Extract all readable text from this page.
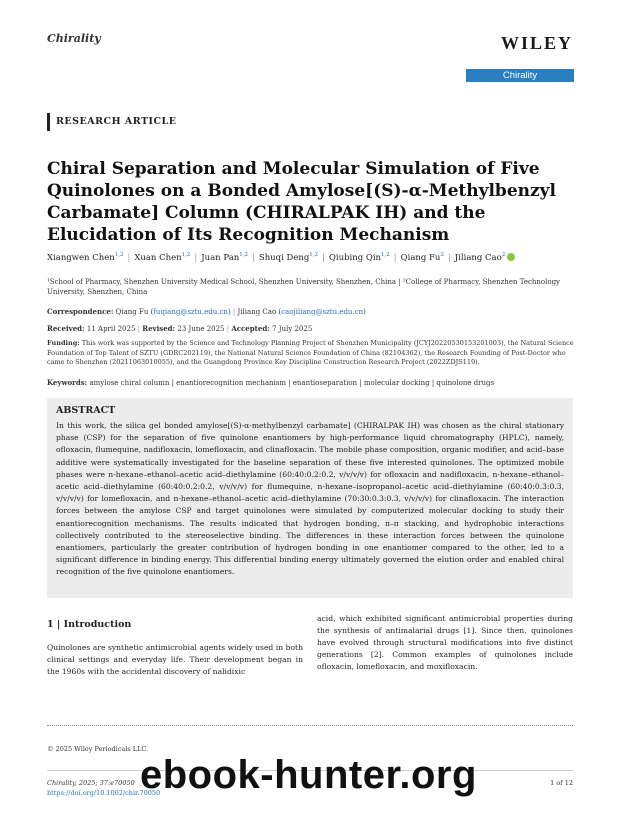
Chirality	WILEY
Chirality
RESEARCH ARTICLE
Chiral Separation and Molecular Simulation of Five Quinolones on a Bonded Amylose[(S)-α-Methylbenzyl Carbamate] Column (CHIRALPAK IH) and the Elucidation of Its Recognition Mechanism
Xiangwen Chen$^{1,2}$ | Xuan Chen$^{1,2}$ | Juan Pan$^{1,2}$ | Shuqi Deng$^{1,2}$ | Qiubing Qin$^{1,2}$ | Qiang Fu$^2$ | Jiliang Cao$^2$
¹School of Pharmacy, Shenzhen University Medical School, Shenzhen University, Shenzhen, China | ²College of Pharmacy, Shenzhen Technology University, Shenzhen, China
Correspondence: Qiang Fu (fuqiang@sztu.edu.cn) | Jiliang Cao (caojiliang@sztu.edu.cn)
Received: 11 April 2025 | Revised: 23 June 2025 | Accepted: 7 July 2025
Funding: This work was supported by the Science and Technology Planning Project of Shenzhen Municipality (JCYJ20220530153201003), the Natural Science Foundation of Top Talent of SZTU (GDRC202119), the National Natural Science Foundation of China (82104362), the Research Founding of Post-Doctor who came to Shenzhen (20211063010055), and the Guangdong Province Key Discipline Construction Research Project (2022ZDJS119).
Keywords: amylose chiral column | enantiorecognition mechanism | enantioseparation | molecular docking | quinolone drugs
ABSTRACT
In this work, the silica gel bonded amylose[(S)-α-methylbenzyl carbamate] (CHIRALPAK IH) was chosen as the chiral stationary phase (CSP) for the separation of five quinolone enantiomers by high-performance liquid chromatography (HPLC), namely, ofloxacin, flumequine, nadifloxacin, lomefloxacin, and clinafloxacin. The mobile phase composition, organic modifier, and acid–base additive were systematically investigated for the baseline separation of these five interested quinolones. The optimized mobile phases were n-hexane–ethanol–acetic acid–diethylamine (60:40:0.2:0.2, v/v/v/v) for ofloxacin and nadifloxacin, n-hexane–ethanol–acetic acid–diethylamine (60:40:0.2:0.2, v/v/v/v) for flumequine, n-hexane–isopropanol–acetic acid–diethylamine (60:40:0.3:0.3, v/v/v/v) for lomefloxacin, and n-hexane–ethanol–acetic acid–diethylamine (70:30:0.3:0.3, v/v/v/v) for clinafloxacin. The interaction forces between the amylose CSP and target quinolones were simulated by computerized molecular docking to study their enantiorecognition mechanisms. The results indicated that hydrogen bonding, π–π stacking, and hydrophobic interactions collectively contributed to the stereoselective binding. The differences in these interaction forces between the quinolone enantiomers, particularly the greater contribution of hydrogen bonding in one enantiomer compared to the other, led to a significant difference in binding energy. This differential binding energy ultimately governed the elution order and enabled chiral recognition of the five quinolone enantiomers.
1 | Introduction
Quinolones are synthetic antimicrobial agents widely used in both clinical settings and everyday life. Their development began in the 1960s with the accidental discovery of nalidixic
acid, which exhibited significant antimicrobial properties during the synthesis of antimalarial drugs [1]. Since then, quinolones have evolved through structural modifications into five distinct generations [2]. Common examples of quinolones include ofloxacin, lomefloxacin, and moxifloxacin.
© 2025 Wiley Periodicals LLC.
Chirality, 2025; 37:e70050
https://doi.org/10.1002/chir.70050
1 of 12
ebook-hunter.org
